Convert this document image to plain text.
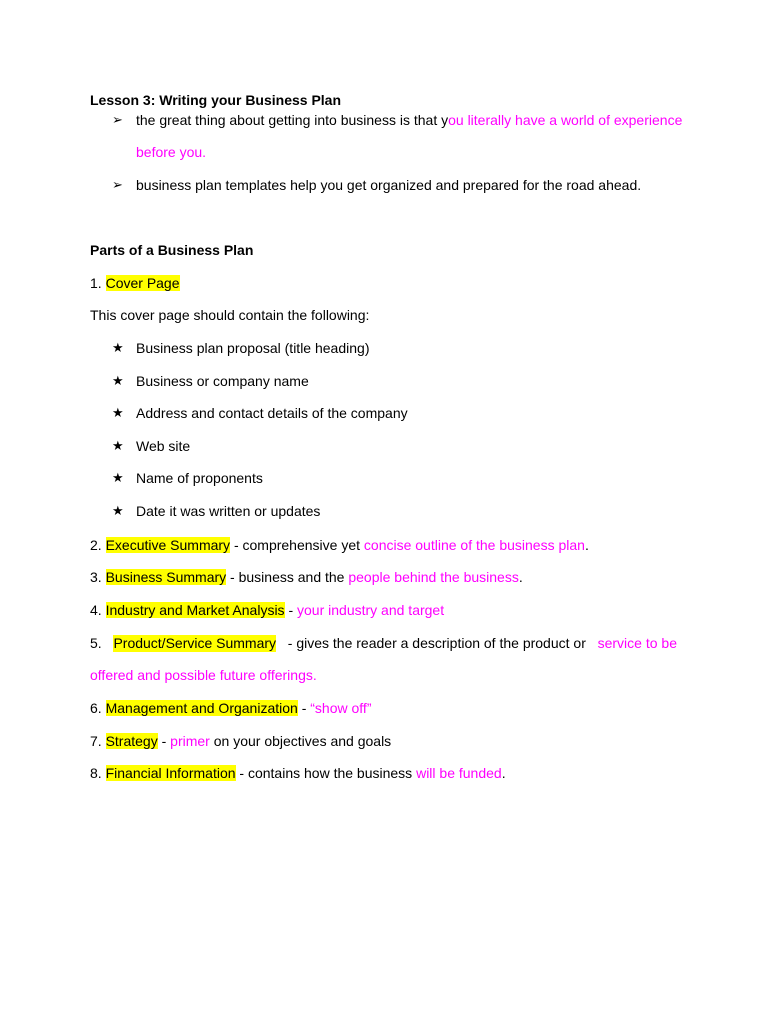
Lesson 3: Writing your Business Plan
➢ the great thing about getting into business is that you literally have a world of experience
before you.
➢ business plan templates help you get organized and prepared for the road ahead.
Parts of a Business Plan
1. Cover Page
This cover page should contain the following:
★ Business plan proposal (title heading)
★ Business or company name
★ Address and contact details of the company
★ Web site
★ Name of proponents
★ Date it was written or updates
2. Executive Summary - comprehensive yet concise outline of the business plan.
3. Business Summary - business and the people behind the business.
4. Industry and Market Analysis - your industry and target
5. Product/Service Summary - gives the reader a description of the product or service to be
offered and possible future offerings.
6. Management and Organization - “show off”
7. Strategy - primer on your objectives and goals
8. Financial Information - contains how the business will be funded.
